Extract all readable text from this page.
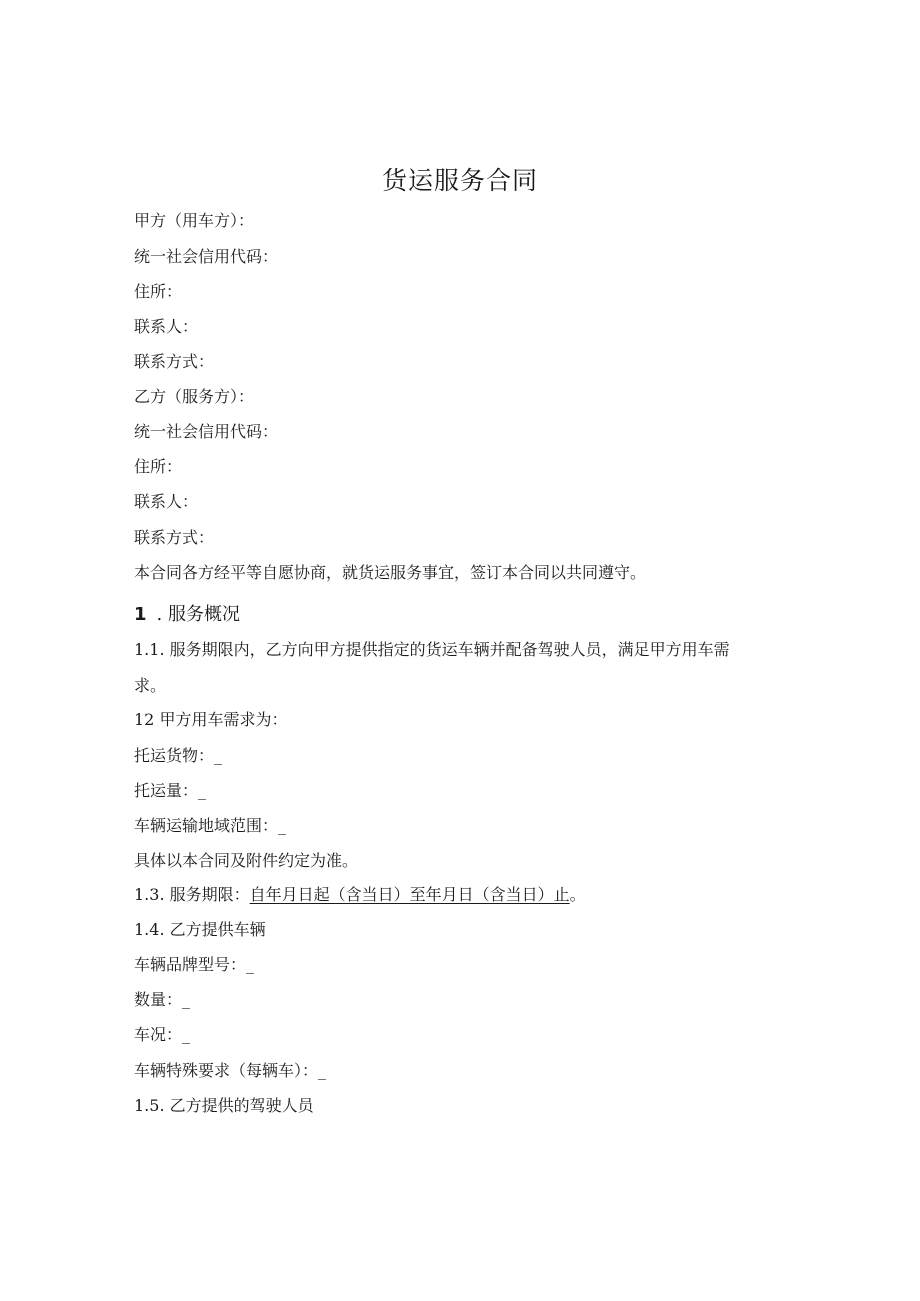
货运服务合同
甲方（用车方）：
统一社会信用代码：
住所：
联系人：
联系方式：
乙方（服务方）：
统一社会信用代码：
住所：
联系人：
联系方式：
本合同各方经平等自愿协商，就货运服务事宜，签订本合同以共同遵守。
1 . 服务概况
1.1. 服务期限内，乙方向甲方提供指定的货运车辆并配备驾驶人员，满足甲方用车需
求。
12 甲方用车需求为：
托运货物：_
托运量：_
车辆运输地域范围：_
具体以本合同及附件约定为准。
1.3. 服务期限：自年月日起（含当日）至年月日（含当日）止。
1.4. 乙方提供车辆
车辆品牌型号：_
数量：_
车况：_
车辆特殊要求（每辆车）：_
1.5. 乙方提供的驾驶人员
